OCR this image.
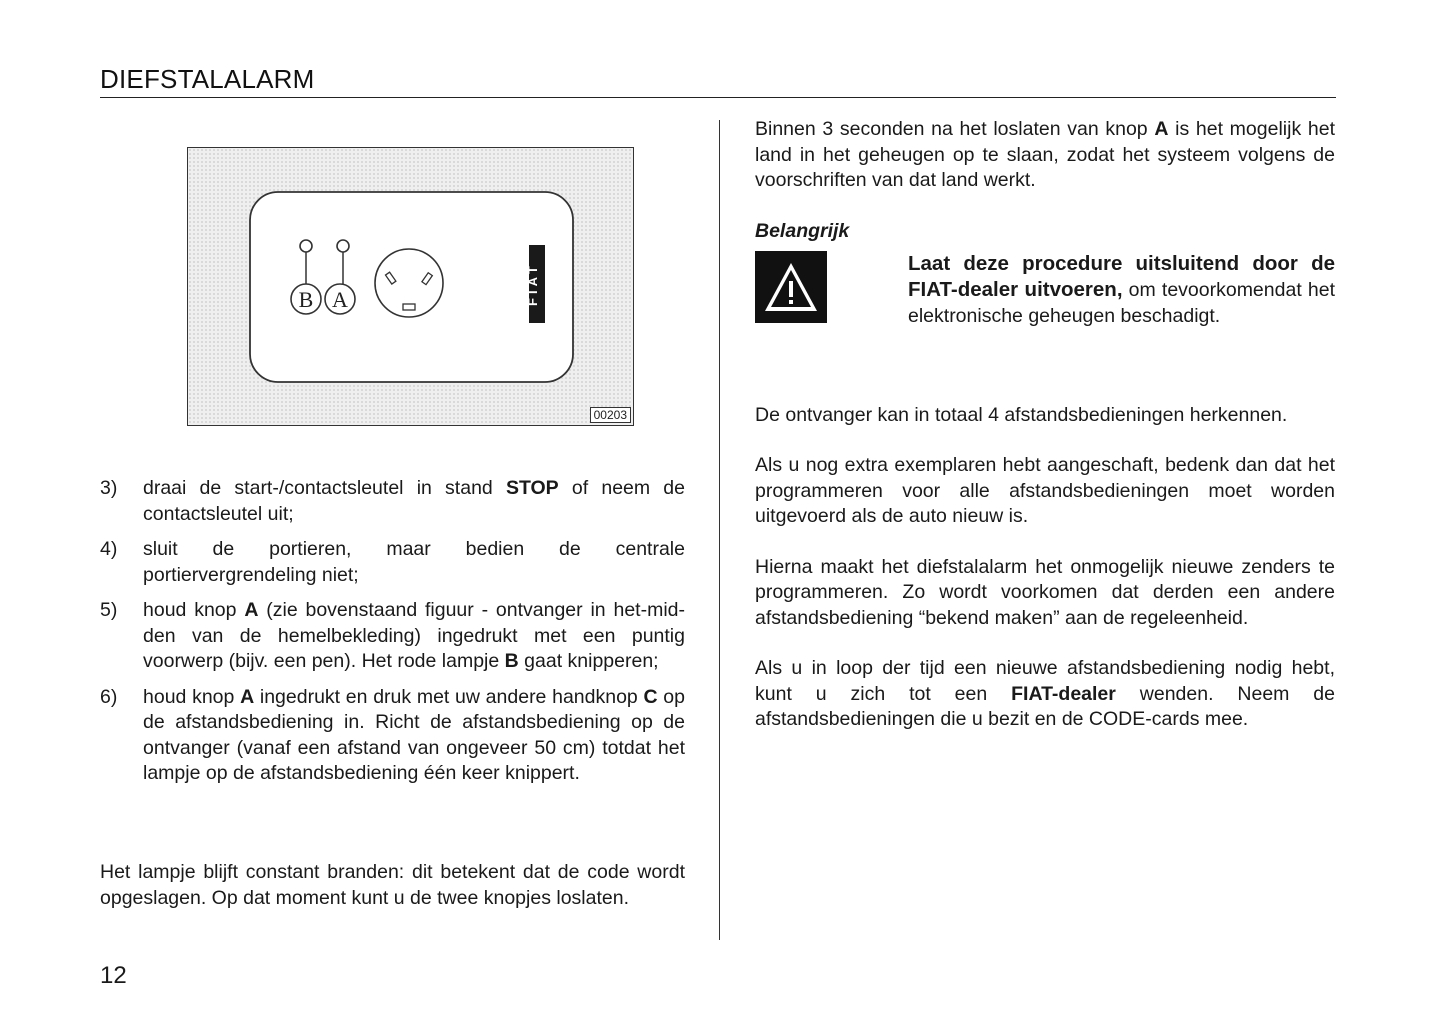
DIEFSTALALARM
B A	FIAT
00203
3)	draai de start-/contactsleutel in stand STOP of neem de contactsleutel uit;

4)	sluit de portieren, maar bedien de centrale portiervergrendeling niet;

5)	houd knop A (zie bovenstaand figuur - ontvanger in het-mid-den van de hemelbekleding) ingedrukt met een puntig voorwerp (bijv. een pen). Het rode lampje B gaat knipperen;

6)	houd knop A ingedrukt en druk met uw andere handknop C op de afstandsbediening in. Richt de afstandsbediening op de ontvanger (vanaf een afstand van ongeveer 50 cm) totdat het lampje op de afstandsbediening één keer knippert.

Het lampje blijft constant branden: dit betekent dat de code wordt opgeslagen. Op dat moment kunt u de twee knopjes loslaten.

12

Binnen 3 seconden na het loslaten van knop A is het mogelijk het land in het geheugen op te slaan, zodat het systeem volgens de voorschriften van dat land werkt.

Belangrijk
Laat deze procedure uitsluitend door de FIAT-dealer uitvoeren, om tevoorkomendat het elektronische geheugen beschadigt.

De ontvanger kan in totaal 4 afstandsbedieningen herkennen.

Als u nog extra exemplaren hebt aangeschaft, bedenk dan dat het programmeren voor alle afstandsbedieningen moet worden uitgevoerd als de auto nieuw is.

Hierna maakt het diefstalalarm het onmogelijk nieuwe zenders te programmeren. Zo wordt voorkomen dat derden een andere afstandsbediening “bekend maken” aan de regeleenheid.

Als u in loop der tijd een nieuwe afstandsbediening nodig hebt, kunt u zich tot een FIAT-dealer wenden. Neem de afstandsbedieningen die u bezit en de CODE-cards mee.
